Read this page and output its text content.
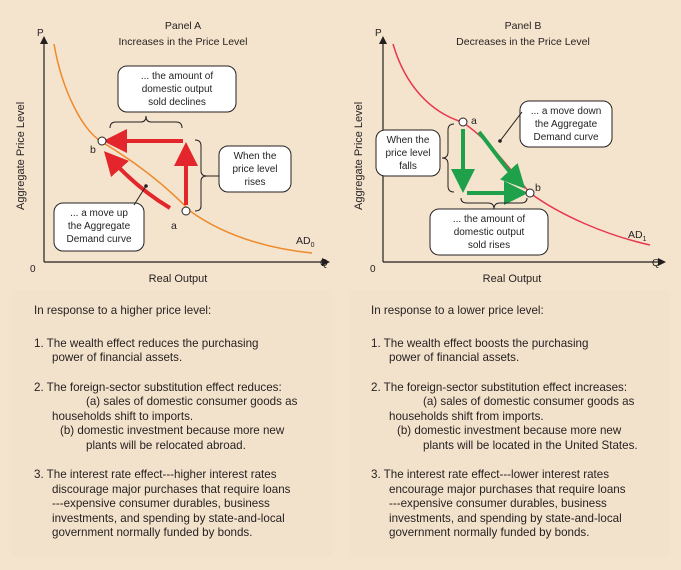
Panel A
Increases in the Price Level
P
Q
0
Aggregate Price Level
Real Output
$AD_0$
a
b
... the amount of
domestic output
sold declines
When the
price level
rises
... a move up
the Aggregate
Demand curve
Panel B
Decreases in the Price Level
P
Q
0
Aggregate Price Level
Real Output
$AD_1$
a
b
When the
price level
falls
... a move down
the Aggregate
Demand curve
... the amount of
domestic output
sold rises
In response to a higher price level:
1. The wealth effect reduces the purchasing
power of financial assets.
2. The foreign-sector substitution effect reduces:
(a) sales of domestic consumer goods as
households shift to imports.
(b) domestic investment because more new
plants will be relocated abroad.
3. The interest rate effect---higher interest rates
discourage major purchases that require loans
---expensive consumer durables, business
investments, and spending by state-and-local
government normally funded by bonds.
In response to a lower price level:
1. The wealth effect boosts the purchasing
power of financial assets.
2. The foreign-sector substitution effect increases:
(a) sales of domestic consumer goods as
households shift from imports.
(b) domestic investment because more new
plants will be located in the United States.
3. The interest rate effect---lower interest rates
encourage major purchases that require loans
---expensive consumer durables, business
investments, and spending by state-and-local
government normally funded by bonds.
